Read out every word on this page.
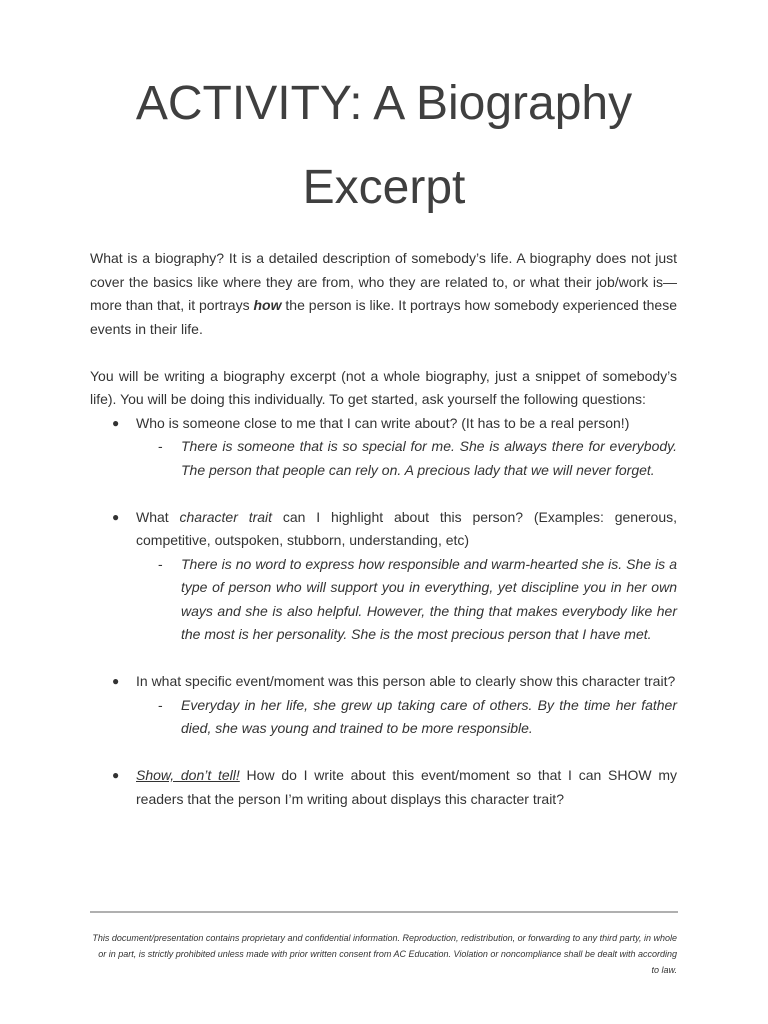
ACTIVITY: A Biography
Excerpt

What is a biography? It is a detailed description of somebody’s life. A biography does not just cover the basics like where they are from, who they are related to, or what their job/work is—more than that, it portrays how the person is like. It portrays how somebody experienced these events in their life.

You will be writing a biography excerpt (not a whole biography, just a snippet of somebody’s life). You will be doing this individually. To get started, ask yourself the following questions:

● Who is someone close to me that I can write about? (It has to be a real person!)
- There is someone that is so special for me. She is always there for everybody. The person that people can rely on. A precious lady that we will never forget.
● What character trait can I highlight about this person? (Examples: generous, competitive, outspoken, stubborn, understanding, etc)
- There is no word to express how responsible and warm-hearted she is. She is a type of person who will support you in everything, yet discipline you in her own ways and she is also helpful. However, the thing that makes everybody like her the most is her personality. She is the most precious person that I have met.
● In what specific event/moment was this person able to clearly show this character trait?
- Everyday in her life, she grew up taking care of others. By the time her father died, she was young and trained to be more responsible.
● Show, don’t tell! How do I write about this event/moment so that I can SHOW my readers that the person I’m writing about displays this character trait?
This document/presentation contains proprietary and confidential information. Reproduction, redistribution, or forwarding to any third party, in whole or in part, is strictly prohibited unless made with prior written consent from AC Education. Violation or noncompliance shall be dealt with according to law.
